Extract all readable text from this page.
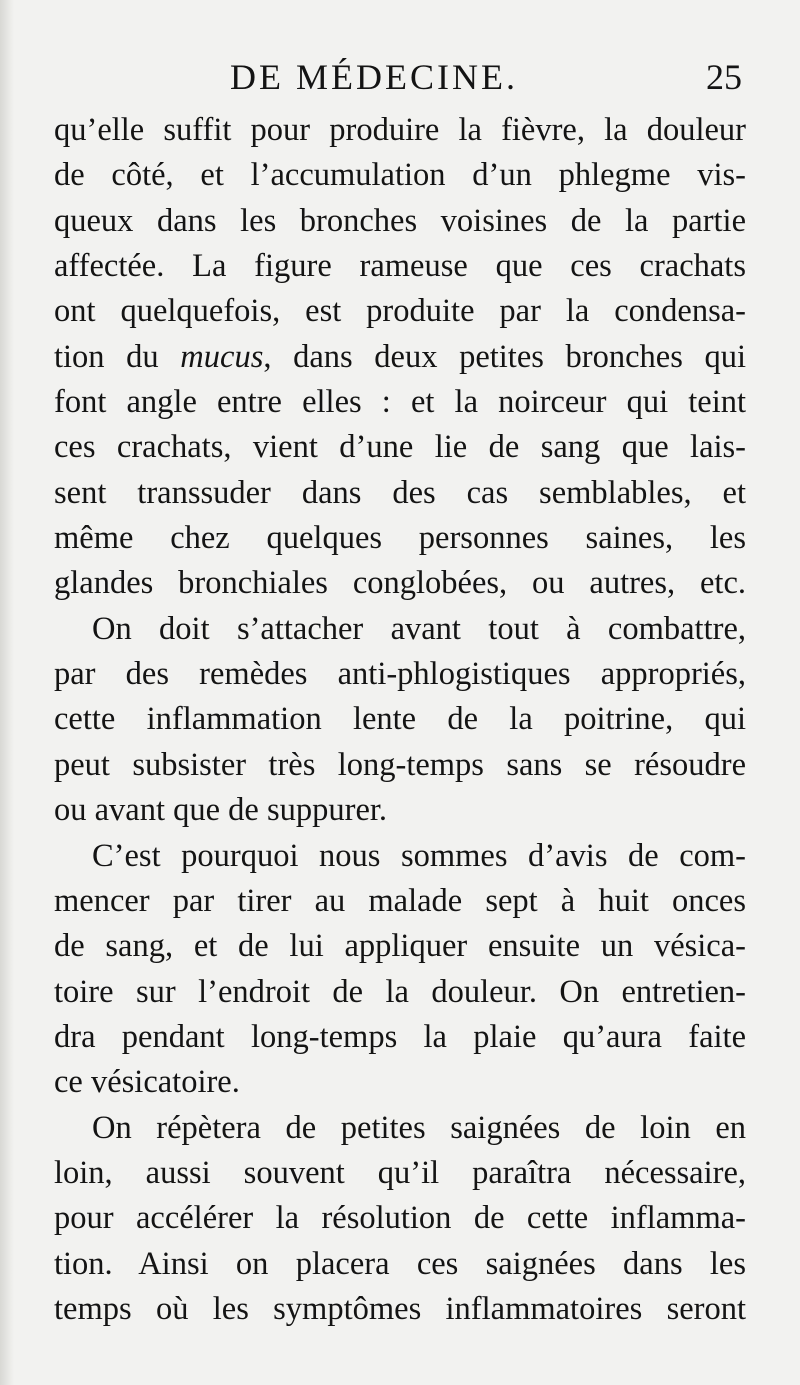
DE MÉDECINE.	25
qu’elle suffit pour produire la fièvre, la douleur
de côté, et l’accumulation d’un phlegme vis-
queux dans les bronches voisines de la partie
affectée. La figure rameuse que ces crachats
ont quelquefois, est produite par la condensa-
tion du mucus, dans deux petites bronches qui
font angle entre elles : et la noirceur qui teint
ces crachats, vient d’une lie de sang que lais-
sent transsuder dans des cas semblables, et
même chez quelques personnes saines, les
glandes bronchiales conglobées, ou autres, etc.
On doit s’attacher avant tout à combattre,
par des remèdes anti-phlogistiques appropriés,
cette inflammation lente de la poitrine, qui
peut subsister très long-temps sans se résoudre
ou avant que de suppurer.
C’est pourquoi nous sommes d’avis de com-
mencer par tirer au malade sept à huit onces
de sang, et de lui appliquer ensuite un vésica-
toire sur l’endroit de la douleur. On entretien-
dra pendant long-temps la plaie qu’aura faite
ce vésicatoire.
On répètera de petites saignées de loin en
loin, aussi souvent qu’il paraîtra nécessaire,
pour accélérer la résolution de cette inflamma-
tion. Ainsi on placera ces saignées dans les
temps où les symptômes inflammatoires seront
